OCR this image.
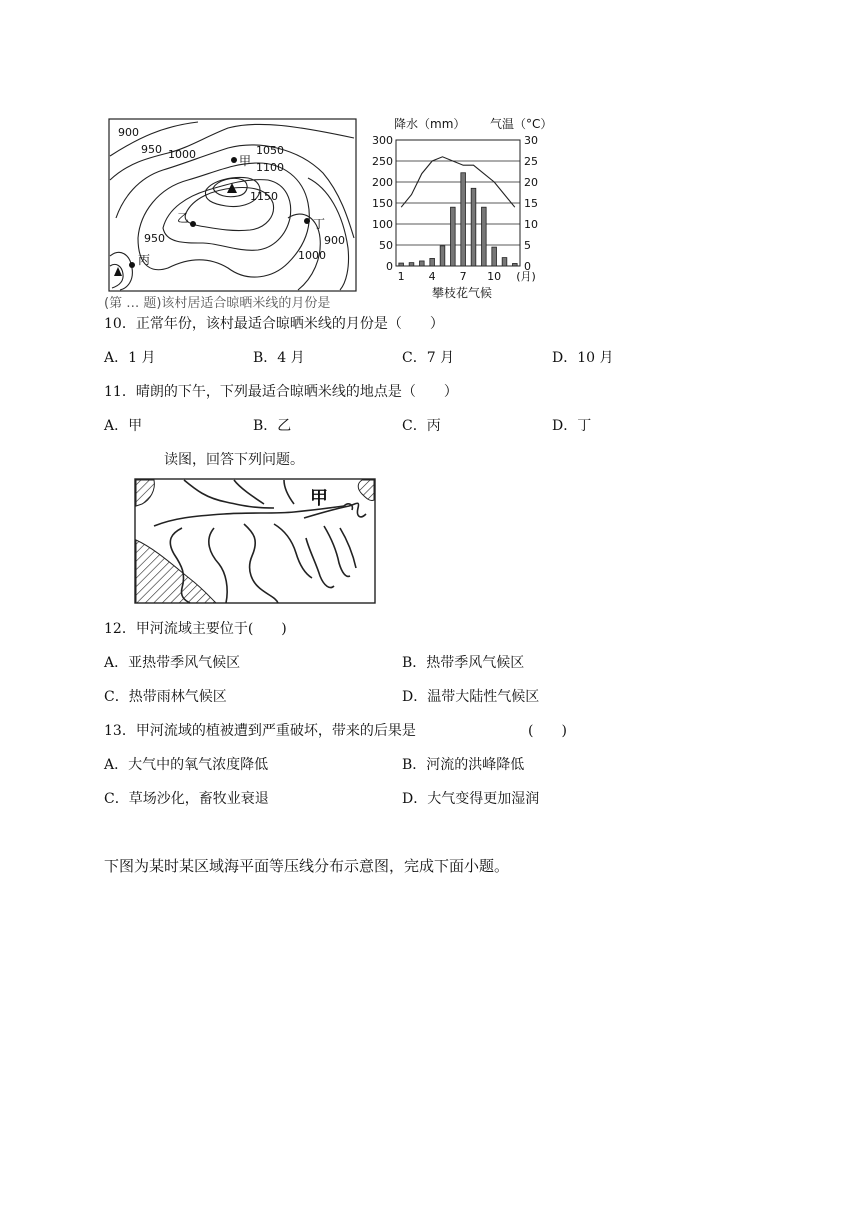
900
950 1000	1050
1100
1150
950	900
1000
甲
乙
丙
丁
(第 … 题)该村居适合晾晒米线的月份是
降水（mm） 气温（°C）
300
250
200
150
100
50
0
30
25
20
15
10
5
0
1 4 7 10 (月)
攀枝花气候
10．正常年份，该村最适合晾晒米线的月份是（　　）
A．1 月	B．4 月	C．7 月	D．10 月
11．晴朗的下午，下列最适合晾晒米线的地点是（　　）
A．甲	B．乙	C．丙	D．丁
读图，回答下列问题。
甲
12．甲河流域主要位于(　　)
A．亚热带季风气候区	B．热带季风气候区
C．热带雨林气候区	D．温带大陆性气候区
13．甲河流域的植被遭到严重破坏，带来的后果是	(　　)
A．大气中的氧气浓度降低	B．河流的洪峰降低
C．草场沙化，畜牧业衰退	D．大气变得更加湿润
下图为某时某区域海平面等压线分布示意图，完成下面小题。
